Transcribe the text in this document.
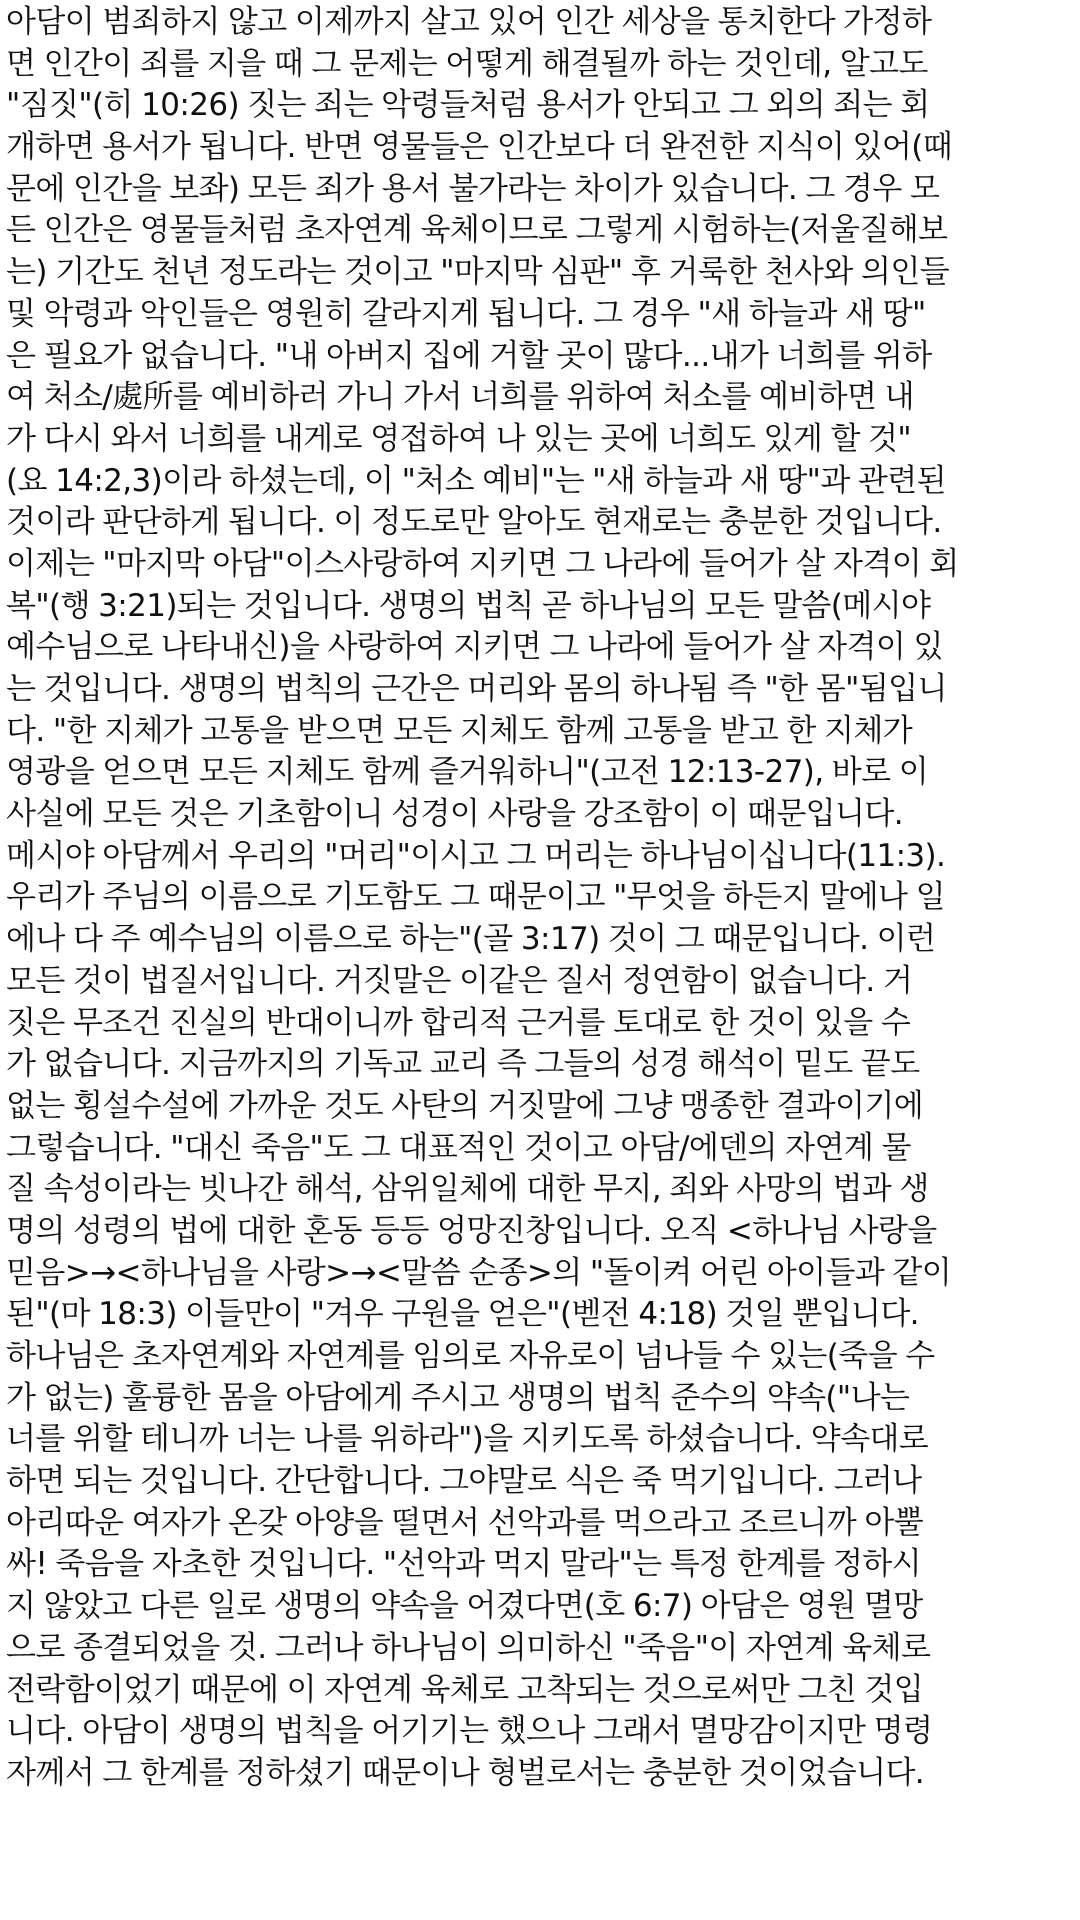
아담이 범죄하지 않고 이제까지 살고 있어 인간 세상을 통치한다 가정하
면 인간이 죄를 지을 때 그 문제는 어떻게 해결될까 하는 것인데, 알고도
"짐짓"(히 10:26) 짓는 죄는 악령들처럼 용서가 안되고 그 외의 죄는 회
개하면 용서가 됩니다. 반면 영물들은 인간보다 더 완전한 지식이 있어(때
문에 인간을 보좌) 모든 죄가 용서 불가라는 차이가 있습니다. 그 경우 모
든 인간은 영물들처럼 초자연계 육체이므로 그렇게 시험하는(저울질해보
는) 기간도 천년 정도라는 것이고 "마지막 심판" 후 거룩한 천사와 의인들
및 악령과 악인들은 영원히 갈라지게 됩니다. 그 경우 "새 하늘과 새 땅"
은 필요가 없습니다. "내 아버지 집에 거할 곳이 많다...내가 너희를 위하
여 처소/處所를 예비하러 가니 가서 너희를 위하여 처소를 예비하면 내
가 다시 와서 너희를 내게로 영접하여 나 있는 곳에 너희도 있게 할 것"
(요 14:2,3)이라 하셨는데, 이 "처소 예비"는 "새 하늘과 새 땅"과 관련된
것이라 판단하게 됩니다. 이 정도로만 알아도 현재로는 충분한 것입니다.
이제는 "마지막 아담"이스사랑하여 지키면 그 나라에 들어가 살 자격이 회
복"(행 3:21)되는 것입니다. 생명의 법칙 곧 하나님의 모든 말씀(메시야
예수님으로 나타내신)을 사랑하여 지키면 그 나라에 들어가 살 자격이 있
는 것입니다. 생명의 법칙의 근간은 머리와 몸의 하나됨 즉 "한 몸"됨입니
다. "한 지체가 고통을 받으면 모든 지체도 함께 고통을 받고 한 지체가
영광을 얻으면 모든 지체도 함께 즐거워하니"(고전 12:13-27), 바로 이
사실에 모든 것은 기초함이니 성경이 사랑을 강조함이 이 때문입니다.
메시야 아담께서 우리의 "머리"이시고 그 머리는 하나님이십니다(11:3).
우리가 주님의 이름으로 기도함도 그 때문이고 "무엇을 하든지 말에나 일
에나 다 주 예수님의 이름으로 하는"(골 3:17) 것이 그 때문입니다. 이런
모든 것이 법질서입니다. 거짓말은 이같은 질서 정연함이 없습니다. 거
짓은 무조건 진실의 반대이니까 합리적 근거를 토대로 한 것이 있을 수
가 없습니다. 지금까지의 기독교 교리 즉 그들의 성경 해석이 밑도 끝도
없는 횡설수설에 가까운 것도 사탄의 거짓말에 그냥 맹종한 결과이기에
그렇습니다. "대신 죽음"도 그 대표적인 것이고 아담/에덴의 자연계 물
질 속성이라는 빗나간 해석, 삼위일체에 대한 무지, 죄와 사망의 법과 생
명의 성령의 법에 대한 혼동 등등 엉망진창입니다. 오직 <하나님 사랑을
믿음>→<하나님을 사랑>→<말씀 순종>의 "돌이켜 어린 아이들과 같이
된"(마 18:3) 이들만이 "겨우 구원을 얻은"(벧전 4:18) 것일 뿐입니다.
하나님은 초자연계와 자연계를 임의로 자유로이 넘나들 수 있는(죽을 수
가 없는) 훌륭한 몸을 아담에게 주시고 생명의 법칙 준수의 약속("나는
너를 위할 테니까 너는 나를 위하라")을 지키도록 하셨습니다. 약속대로
하면 되는 것입니다. 간단합니다. 그야말로 식은 죽 먹기입니다. 그러나
아리따운 여자가 온갖 아양을 떨면서 선악과를 먹으라고 조르니까 아뿔
싸! 죽음을 자초한 것입니다. "선악과 먹지 말라"는 특정 한계를 정하시
지 않았고 다른 일로 생명의 약속을 어겼다면(호 6:7) 아담은 영원 멸망
으로 종결되었을 것. 그러나 하나님이 의미하신 "죽음"이 자연계 육체로
전락함이었기 때문에 이 자연계 육체로 고착되는 것으로써만 그친 것입
니다. 아담이 생명의 법칙을 어기기는 했으나 그래서 멸망감이지만 명령
자께서 그 한계를 정하셨기 때문이나 형벌로서는 충분한 것이었습니다.
